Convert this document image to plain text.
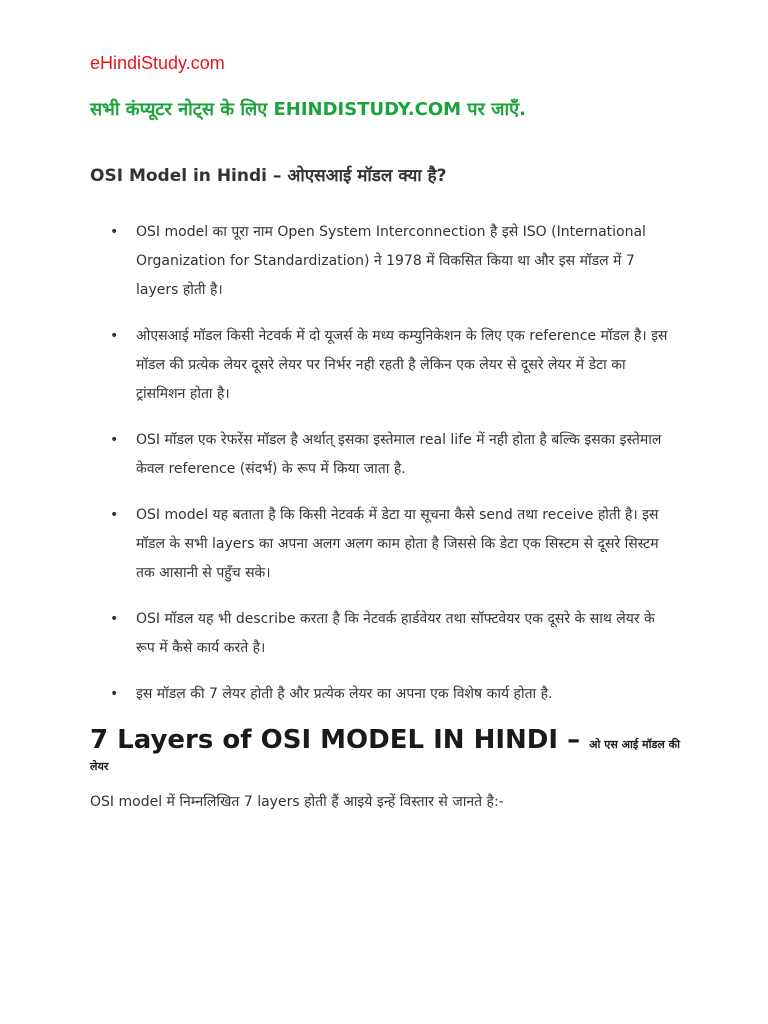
eHindiStudy.com
सभी कंप्यूटर नोट्स के लिए EHINDISTUDY.COM पर जाएँ.
OSI Model in Hindi – ओएसआई मॉडल क्या है?
• OSI model का पूरा नाम Open System Interconnection है इसे ISO (International Organization for Standardization) ने 1978 में विकसित किया था और इस मॉडल में 7 layers होती है।
• ओएसआई मॉडल किसी नेटवर्क में दो यूजर्स के मध्य कम्युनिकेशन के लिए एक reference मॉडल है। इस मॉडल की प्रत्येक लेयर दूसरे लेयर पर निर्भर नही रहती है लेकिन एक लेयर से दूसरे लेयर में डेटा का ट्रांसमिशन होता है।
• OSI मॉडल एक रेफरेंस मॉडल है अर्थात् इसका इस्तेमाल real life में नही होता है बल्कि इसका इस्तेमाल केवल reference (संदर्भ) के रूप में किया जाता है.
• OSI model यह बताता है कि किसी नेटवर्क में डेटा या सूचना कैसे send तथा receive होती है। इस मॉडल के सभी layers का अपना अलग अलग काम होता है जिससे कि डेटा एक सिस्टम से दूसरे सिस्टम तक आसानी से पहुँच सके।
• OSI मॉडल यह भी describe करता है कि नेटवर्क हार्डवेयर तथा सॉफ्टवेयर एक दूसरे के साथ लेयर के रूप में कैसे कार्य करते है।
• इस मॉडल की 7 लेयर होती है और प्रत्येक लेयर का अपना एक विशेष कार्य होता है.
7 Layers of OSI MODEL IN HINDI – ओ एस आई मॉडल की लेयर
OSI model में निम्नलिखित 7 layers होती हैं आइये इन्हें विस्तार से जानते है:-
